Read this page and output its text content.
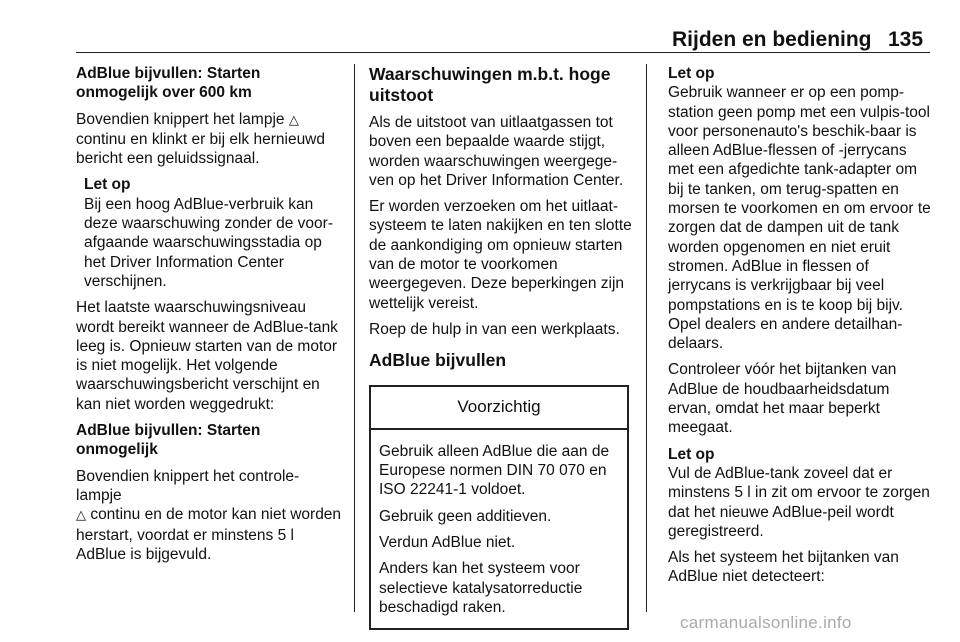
Rijden en bediening 135

AdBlue bijvullen: Starten onmogelijk over 600 km

Bovendien knippert het lampje △
continu en klinkt er bij elk hernieuwd bericht een geluidssignaal.

Let op

Bij een hoog AdBlue-verbruik kan deze waarschuwing zonder de voor-afgaande waarschuwingsstadia op het Driver Information Center verschijnen.

Het laatste waarschuwingsniveau wordt bereikt wanneer de AdBlue-tank leeg is. Opnieuw starten van de motor is niet mogelijk. Het volgende waarschuwingsbericht verschijnt en kan niet worden weggedrukt:

AdBlue bijvullen: Starten onmogelijk

Bovendien knippert het controle-lampje
△ continu en de motor kan niet worden herstart, voordat er minstens 5 l AdBlue is bijgevuld.

Waarschuwingen m.b.t. hoge uitstoot

Als de uitstoot van uitlaatgassen tot boven een bepaalde waarde stijgt, worden waarschuwingen weergege-ven op het Driver Information Center.

Er worden verzoeken om het uitlaat-systeem te laten nakijken en ten slotte de aankondiging om opnieuw starten van de motor te voorkomen weergegeven. Deze beperkingen zijn wettelijk vereist.

Roep de hulp in van een werkplaats.

AdBlue bijvullen
Voorzichtig

Gebruik alleen AdBlue die aan de Europese normen DIN 70 070 en ISO 22241-1 voldoet.

Gebruik geen additieven.

Verdun AdBlue niet.

Anders kan het systeem voor selectieve katalysatorreductie beschadigd raken.

Let op

Gebruik wanneer er op een pomp-station geen pomp met een vulpis-tool voor personenauto's beschik-baar is alleen AdBlue-flessen of -jerrycans met een afgedichte tank-adapter om bij te tanken, om terug-spatten en morsen te voorkomen en om ervoor te zorgen dat de dampen uit de tank worden opgenomen en niet eruit stromen. AdBlue in flessen of jerrycans is verkrijgbaar bij veel pompstations en is te koop bij bijv. Opel dealers en andere detailhan-delaars.

Controleer vóór het bijtanken van AdBlue de houdbaarheidsdatum ervan, omdat het maar beperkt meegaat.

Let op

Vul de AdBlue-tank zoveel dat er minstens 5 l in zit om ervoor te zorgen dat het nieuwe AdBlue-peil wordt geregistreerd.

Als het systeem het bijtanken van AdBlue niet detecteert:

carmanualsonline.info
